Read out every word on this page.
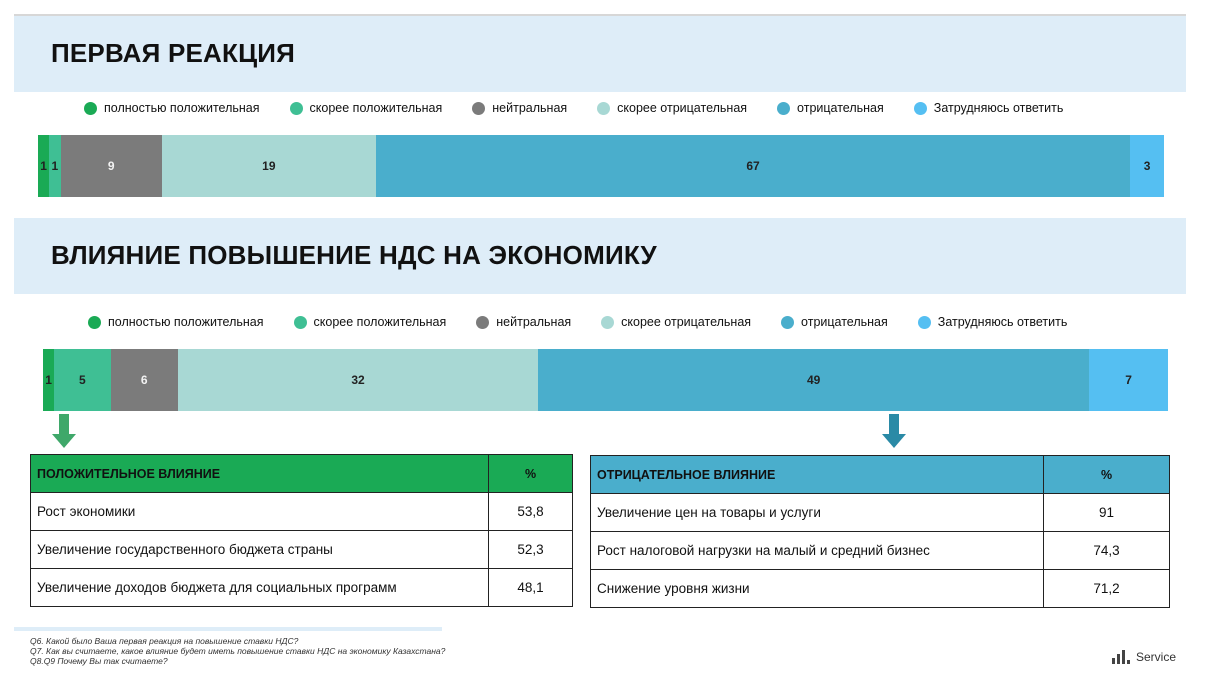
ПЕРВАЯ РЕАКЦИЯ
полностью положительная	скорее положительная	нейтральная	скорее отрицательная	отрицательная	Затрудняюсь ответить
1 1	9	19	67	3
ВЛИЯНИЕ ПОВЫШЕНИЕ НДС НА ЭКОНОМИКУ
полностью положительная	скорее положительная	нейтральная	скорее отрицательная	отрицательная	Затрудняюсь ответить
1 5	6	32	49	7
ПОЛОЖИТЕЛЬНОЕ ВЛИЯНИЕ	%
Рост экономики	53,8
Увеличение государственного бюджета страны	52,3
Увеличение доходов бюджета для социальных программ	48,1
ОТРИЦАТЕЛЬНОЕ ВЛИЯНИЕ	%
Увеличение цен на товары и услуги	91
Рост налоговой нагрузки на малый и средний бизнес	74,3
Снижение уровня жизни	71,2
Q6. Какой было Ваша первая реакция на повышение ставки НДС?
Q7. Как вы считаете, какое влияние будет иметь повышение ставки НДС на экономику Казахстана?
Q8.Q9 Почему Вы так считаете?	Service
